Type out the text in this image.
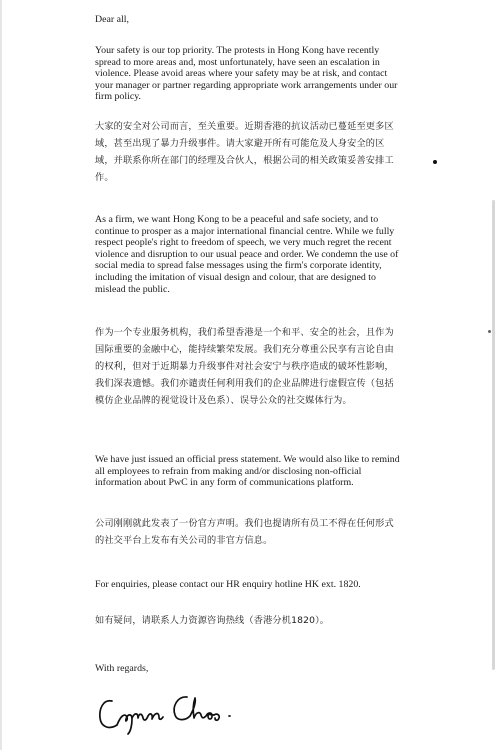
Dear all,

Your safety is our top priority. The protests in Hong Kong have recently spread to more areas and, most unfortunately, have seen an escalation in violence. Please avoid areas where your safety may be at risk, and contact your manager or partner regarding appropriate work arrangements under our firm policy.

大家的安全对公司而言，至关重要。近期香港的抗议活动已蔓延至更多区域，甚至出现了暴力升级事件。请大家避开所有可能危及人身安全的区域，并联系你所在部门的经理及合伙人，根据公司的相关政策妥善安排工作。

As a firm, we want Hong Kong to be a peaceful and safe society, and to continue to prosper as a major international financial centre. While we fully respect people's right to freedom of speech, we very much regret the recent violence and disruption to our usual peace and order. We condemn the use of social media to spread false messages using the firm's corporate identity, including the imitation of visual design and colour, that are designed to mislead the public.

作为一个专业服务机构，我们希望香港是一个和平、安全的社会，且作为国际重要的金融中心，能持续繁荣发展。我们充分尊重公民享有言论自由的权利，但对于近期暴力升级事件对社会安宁与秩序造成的破坏性影响，我们深表遗憾。我们亦谴责任何利用我们的企业品牌进行虚假宣传（包括模仿企业品牌的视觉设计及色系）、误导公众的社交媒体行为。

We have just issued an official press statement. We would also like to remind all employees to refrain from making and/or disclosing non-official information about PwC in any form of communications platform.

公司刚刚就此发表了一份官方声明。我们也提请所有员工不得在任何形式的社交平台上发布有关公司的非官方信息。

For enquiries, please contact our HR enquiry hotline HK ext. 1820.

如有疑问，请联系人力资源咨询热线（香港分机1820）。

With regards,
